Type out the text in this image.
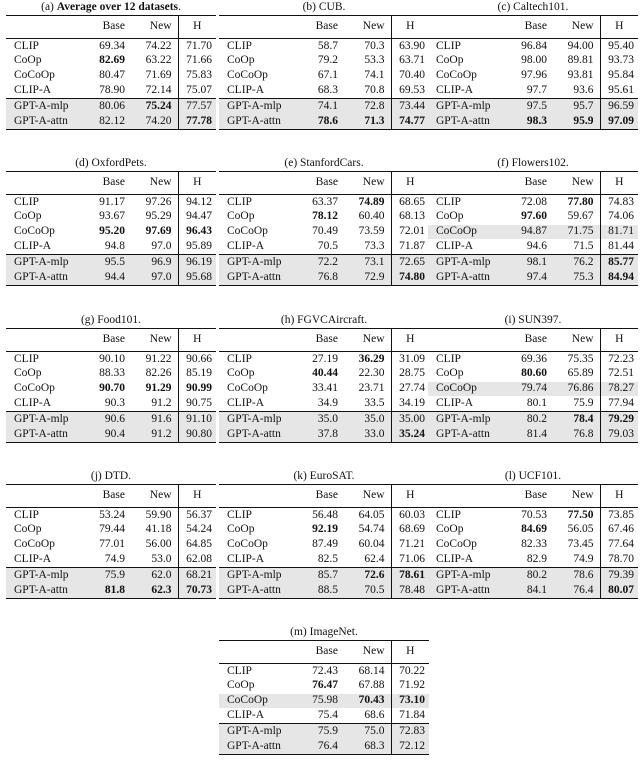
(a) Average over 12 datasets.
	Base	New	H
CLIP	69.34	74.22	71.70
CoOp	82.69	63.22	71.66
CoCoOp	80.47	71.69	75.83
CLIP-A	78.90	72.14	75.07
GPT-A-mlp	80.06	75.24	77.57
GPT-A-attn	82.12	74.20	77.78
(b) CUB.
	Base	New	H
CLIP	58.7	70.3	63.90
CoOp	79.2	53.3	63.71
CoCoOp	67.1	74.1	70.40
CLIP-A	68.3	70.8	69.53
GPT-A-mlp	74.1	72.8	73.44
GPT-A-attn	78.6	71.3	74.77
(c) Caltech101.
	Base	New	H
CLIP	96.84	94.00	95.40
CoOp	98.00	89.81	93.73
CoCoOp	97.96	93.81	95.84
CLIP-A	97.7	93.6	95.61
GPT-A-mlp	97.5	95.7	96.59
GPT-A-attn	98.3	95.9	97.09
(d) OxfordPets.
	Base	New	H
CLIP	91.17	97.26	94.12
CoOp	93.67	95.29	94.47
CoCoOp	95.20	97.69	96.43
CLIP-A	94.8	97.0	95.89
GPT-A-mlp	95.5	96.9	96.19
GPT-A-attn	94.4	97.0	95.68
(e) StanfordCars.
	Base	New	H
CLIP	63.37	74.89	68.65
CoOp	78.12	60.40	68.13
CoCoOp	70.49	73.59	72.01
CLIP-A	70.5	73.3	71.87
GPT-A-mlp	72.2	73.1	72.65
GPT-A-attn	76.8	72.9	74.80
(f) Flowers102.
	Base	New	H
CLIP	72.08	77.80	74.83
CoOp	97.60	59.67	74.06
CoCoOp	94.87	71.75	81.71
CLIP-A	94.6	71.5	81.44
GPT-A-mlp	98.1	76.2	85.77
GPT-A-attn	97.4	75.3	84.94
(g) Food101.
	Base	New	H
CLIP	90.10	91.22	90.66
CoOp	88.33	82.26	85.19
CoCoOp	90.70	91.29	90.99
CLIP-A	90.3	91.2	90.75
GPT-A-mlp	90.6	91.6	91.10
GPT-A-attn	90.4	91.2	90.80
(h) FGVCAircraft.
	Base	New	H
CLIP	27.19	36.29	31.09
CoOp	40.44	22.30	28.75
CoCoOp	33.41	23.71	27.74
CLIP-A	34.9	33.5	34.19
GPT-A-mlp	35.0	35.0	35.00
GPT-A-attn	37.8	33.0	35.24
(i) SUN397.
	Base	New	H
CLIP	69.36	75.35	72.23
CoOp	80.60	65.89	72.51
CoCoOp	79.74	76.86	78.27
CLIP-A	80.1	75.9	77.94
GPT-A-mlp	80.2	78.4	79.29
GPT-A-attn	81.4	76.8	79.03
(j) DTD.
	Base	New	H
CLIP	53.24	59.90	56.37
CoOp	79.44	41.18	54.24
CoCoOp	77.01	56.00	64.85
CLIP-A	74.9	53.0	62.08
GPT-A-mlp	75.9	62.0	68.21
GPT-A-attn	81.8	62.3	70.73
(k) EuroSAT.
	Base	New	H
CLIP	56.48	64.05	60.03
CoOp	92.19	54.74	68.69
CoCoOp	87.49	60.04	71.21
CLIP-A	82.5	62.4	71.06
GPT-A-mlp	85.7	72.6	78.61
GPT-A-attn	88.5	70.5	78.48
(l) UCF101.
	Base	New	H
CLIP	70.53	77.50	73.85
CoOp	84.69	56.05	67.46
CoCoOp	82.33	73.45	77.64
CLIP-A	82.9	74.9	78.70
GPT-A-mlp	80.2	78.6	79.39
GPT-A-attn	84.1	76.4	80.07
(m) ImageNet.
	Base	New	H
CLIP	72.43	68.14	70.22
CoOp	76.47	67.88	71.92
CoCoOp	75.98	70.43	73.10
CLIP-A	75.4	68.6	71.84
GPT-A-mlp	75.9	75.0	72.83
GPT-A-attn	76.4	68.3	72.12
